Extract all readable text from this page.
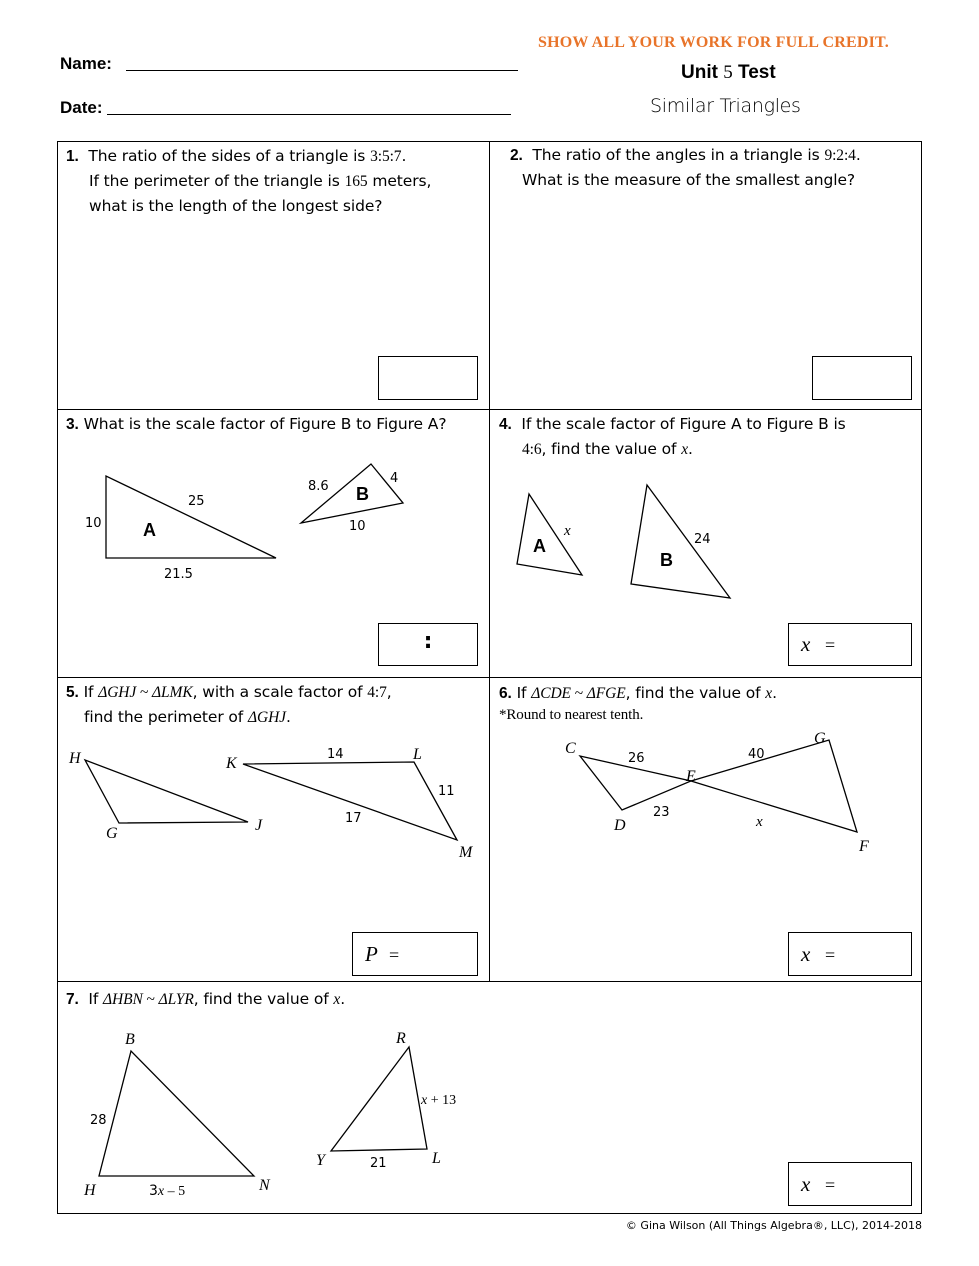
Name:
Date:
SHOW ALL YOUR WORK FOR FULL CREDIT.
Unit 5 Test
Similar Triangles
1. The ratio of the sides of a triangle is 3:5:7.
If the perimeter of the triangle is 165 meters,
what is the length of the longest side?
2. The ratio of the angles in a triangle is 9:2:4.
What is the measure of the smallest angle?
3. What is the scale factor of Figure B to Figure A?
10
25
21.5
A
8.6
4
10
B
:
4. If the scale factor of Figure A to Figure B is
4:6, find the value of x.
x
A	24
B
x =
5. If ΔGHJ ~ ΔLMK, with a scale factor of 4:7,
find the perimeter of ΔGHJ.
H
G	J
K
L
M
14
11
17
P =
6. If ΔCDE ~ ΔFGE, find the value of x.
*Round to nearest tenth.
C
D
E
G
F
26
23
40
x
x =
7. If ΔHBN ~ ΔLYR, find the value of x.
B
H	N
28
3x – 5
R
Y	L
x + 13
21
x =
© Gina Wilson (All Things Algebra®, LLC), 2014-2018
